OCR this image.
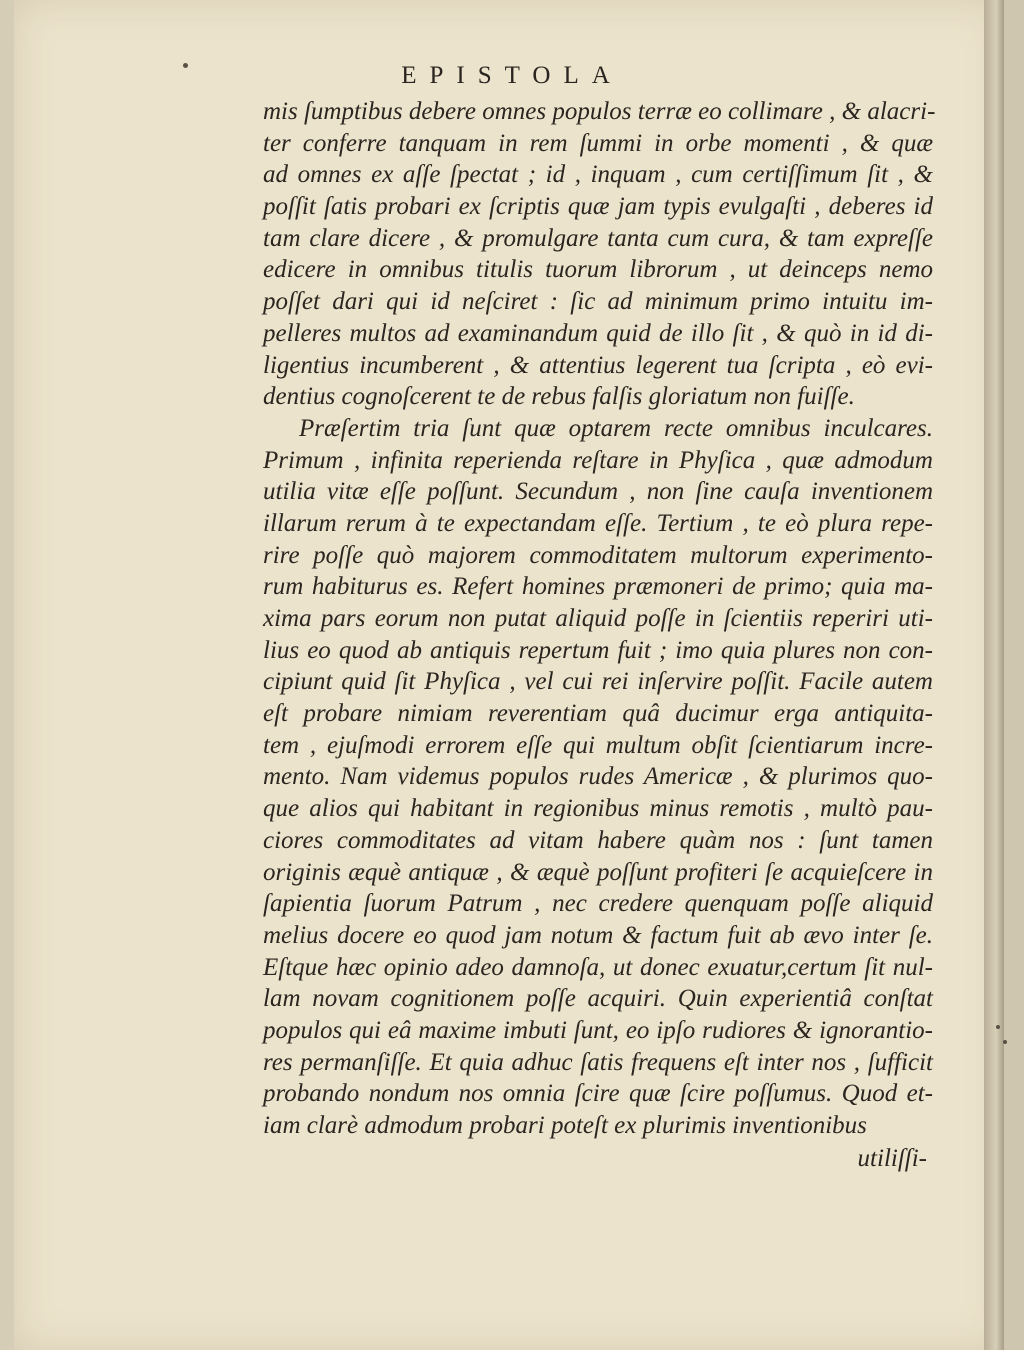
EPISTOLA
mis ſumptibus debere omnes populos terræ eo collimare , & alacri-
ter conferre tanquam in rem ſummi in orbe momenti , & quæ
ad omnes ex aſſe ſpectat ; id , inquam , cum certiſſimum ſit , &
poſſit ſatis probari ex ſcriptis quæ jam typis evulgaſti , deberes id
tam clare dicere , & promulgare tanta cum cura, & tam expreſſe
edicere in omnibus titulis tuorum librorum , ut deinceps nemo
poſſet dari qui id neſciret : ſic ad minimum primo intuitu im-
pelleres multos ad examinandum quid de illo ſit , & quò in id di-
ligentius incumberent , & attentius legerent tua ſcripta , eò evi-
dentius cognoſcerent te de rebus falſis gloriatum non fuiſſe.
Præſertim tria ſunt quæ optarem recte omnibus inculcares.
Primum , infinita reperienda reſtare in Phyſica , quæ admodum
utilia vitæ eſſe poſſunt. Secundum , non ſine cauſa inventionem
illarum rerum à te expectandam eſſe. Tertium , te eò plura repe-
rire poſſe quò majorem commoditatem multorum experimento-
rum habiturus es. Refert homines præmoneri de primo; quia ma-
xima pars eorum non putat aliquid poſſe in ſcientiis reperiri uti-
lius eo quod ab antiquis repertum fuit ; imo quia plures non con-
cipiunt quid ſit Phyſica , vel cui rei inſervire poſſit. Facile autem
eſt probare nimiam reverentiam quâ ducimur erga antiquita-
tem , ejuſmodi errorem eſſe qui multum obſit ſcientiarum incre-
mento. Nam videmus populos rudes Americæ , & plurimos quo-
que alios qui habitant in regionibus minus remotis , multò pau-
ciores commoditates ad vitam habere quàm nos : ſunt tamen
originis æquè antiquæ , & æquè poſſunt profiteri ſe acquieſcere in
ſapientia ſuorum Patrum , nec credere quenquam poſſe aliquid
melius docere eo quod jam notum & factum fuit ab ævo inter ſe.
Eſtque hæc opinio adeo damnoſa, ut donec exuatur,certum ſit nul-
lam novam cognitionem poſſe acquiri. Quin experientiâ conſtat
populos qui eâ maxime imbuti ſunt, eo ipſo rudiores & ignorantio-
res permanſiſſe. Et quia adhuc ſatis frequens eſt inter nos , ſufficit
probando nondum nos omnia ſcire quæ ſcire poſſumus. Quod et-
iam clarè admodum probari poteſt ex plurimis inventionibus
utiliſſi-
